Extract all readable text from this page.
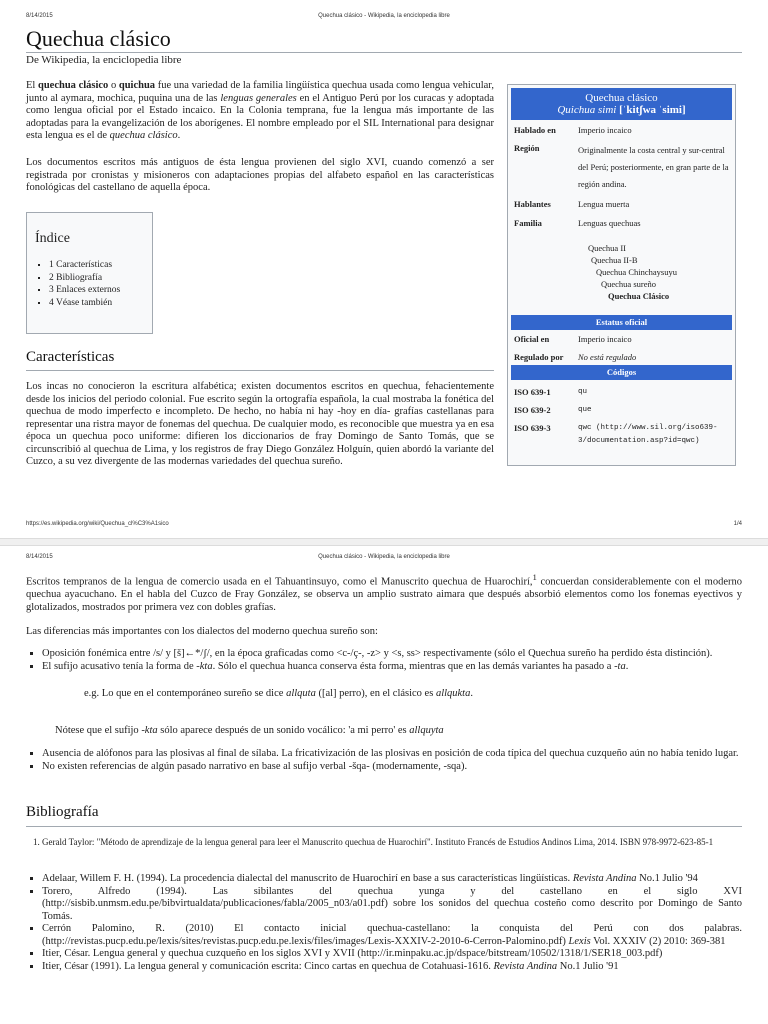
8/14/2015	Quechua clásico - Wikipedia, la enciclopedia libre
Quechua clásico
De Wikipedia, la enciclopedia libre
El quechua clásico o quichua fue una variedad de la familia lingüística quechua usada como lengua vehicular, junto al aymara, mochica, puquina una de las lenguas generales en el Antiguo Perú por los curacas y adoptada como lengua oficial por el Estado incaico. En la Colonia temprana, fue la lengua más importante de las adoptadas para la evangelización de los aborígenes. El nombre empleado por el SIL International para designar esta lengua es el de quechua clásico.
Los documentos escritos más antiguos de ésta lengua provienen del siglo XVI, cuando comenzó a ser registrada por cronistas y misioneros con adaptaciones propias del alfabeto español en las características fonológicas del castellano de aquella época.
Índice
▪ 1 Características
▪ 2 Bibliografía
▪ 3 Enlaces externos
▪ 4 Véase también
Características
Los incas no conocieron la escritura alfabética; existen documentos escritos en quechua, fehacientemente desde los inicios del periodo colonial. Fue escrito según la ortografía española, la cual mostraba la fonética del quechua de modo imperfecto e incompleto. De hecho, no había ni hay -hoy en día- grafías castellanas para representar una ristra mayor de fonemas del quechua. De cualquier modo, es reconocible que muestra ya en esa época un quechua poco uniforme: difieren los diccionarios de fray Domingo de Santo Tomás, que se circunscribió al quechua de Lima, y los registros de fray Diego González Holguín, quien abordó la variante del Cuzco, a su vez divergente de las modernas variedades del quechua sureño.
Quechua clásico
Quichua simi [ˈkitʃwa ˈsimi]
Hablado en	Imperio incaico
Región	Originalmente la costa central y sur-central del Perú; posteriormente, en gran parte de la región andina.
Hablantes	Lengua muerta
Familia	Lenguas quechuas
Quechua II
Quechua II-B
Quechua Chinchaysuyu
Quechua sureño
Quechua Clásico
Estatus oficial
Oficial en	Imperio incaico
Regulado por	No está regulado
Códigos
ISO 639-1	qu
ISO 639-2	que
ISO 639-3	qwc (http://www.sil.org/iso639-3/documentation.asp?id=qwc)
https://es.wikipedia.org/wiki/Quechua_cl%C3%A1sico	1/4
8/14/2015	Quechua clásico - Wikipedia, la enciclopedia libre
Escritos tempranos de la lengua de comercio usada en el Tahuantinsuyo, como el Manuscrito quechua de Huarochirí,$^1$ concuerdan considerablemente con el moderno quechua ayacuchano. En el habla del Cuzco de Fray González, se observa un amplio sustrato aimara que después absorbió elementos como los fonemas eyectivos y glotalizados, mostrados por primera vez con dobles grafías.
Las diferencias más importantes con los dialectos del moderno quechua sureño son:
▪ Oposición fonémica entre /s/ y [š]←*/ʃ/, en la época graficadas como <c-/ç-, -z> y <s, ss> respectivamente (sólo el Quechua sureño ha perdido ésta distinción).
▪ El sufijo acusativo tenía la forma de -kta. Sólo el quechua huanca conserva ésta forma, mientras que en las demás variantes ha pasado a -ta.
e.g. Lo que en el contemporáneo sureño se dice allquta ([al] perro), en el clásico es allqukta.
Nótese que el sufijo -kta sólo aparece después de un sonido vocálico: 'a mi perro' es allquyta
▪ Ausencia de alófonos para las plosivas al final de sílaba. La fricativización de las plosivas en posición de coda típica del quechua cuzqueño aún no había tenido lugar.
▪ No existen referencias de algún pasado narrativo en base al sufijo verbal -šqa- (modernamente, -sqa).
Bibliografía
1. Gerald Taylor: "Método de aprendizaje de la lengua general para leer el Manuscrito quechua de Huarochirí". Instituto Francés de Estudios Andinos Lima, 2014. ISBN 978-9972-623-85-1
▪ Adelaar, Willem F. H. (1994). La procedencia dialectal del manuscrito de Huarochirí en base a sus características lingüísticas. Revista Andina No.1 Julio '94
▪ Torero, Alfredo (1994). Las sibilantes del quechua yunga y del castellano en el siglo XVI (http://sisbib.unmsm.edu.pe/bibvirtualdata/publicaciones/fabla/2005_n03/a01.pdf) sobre los sonidos del quechua costeño como descrito por Domingo de Santo Tomás.
▪ Cerrón Palomino, R. (2010) El contacto inicial quechua-castellano: la conquista del Perú con dos palabras. (http://revistas.pucp.edu.pe/lexis/sites/revistas.pucp.edu.pe.lexis/files/images/Lexis-XXXIV-2-2010-6-Cerron-Palomino.pdf) Lexis Vol. XXXIV (2) 2010: 369-381
▪ Itier, César. Lengua general y quechua cuzqueño en los siglos XVI y XVII (http://ir.minpaku.ac.jp/dspace/bitstream/10502/1318/1/SER18_003.pdf)
▪ Itier, César (1991). La lengua general y comunicación escrita: Cinco cartas en quechua de Cotahuasi-1616. Revista Andina No.1 Julio '91
